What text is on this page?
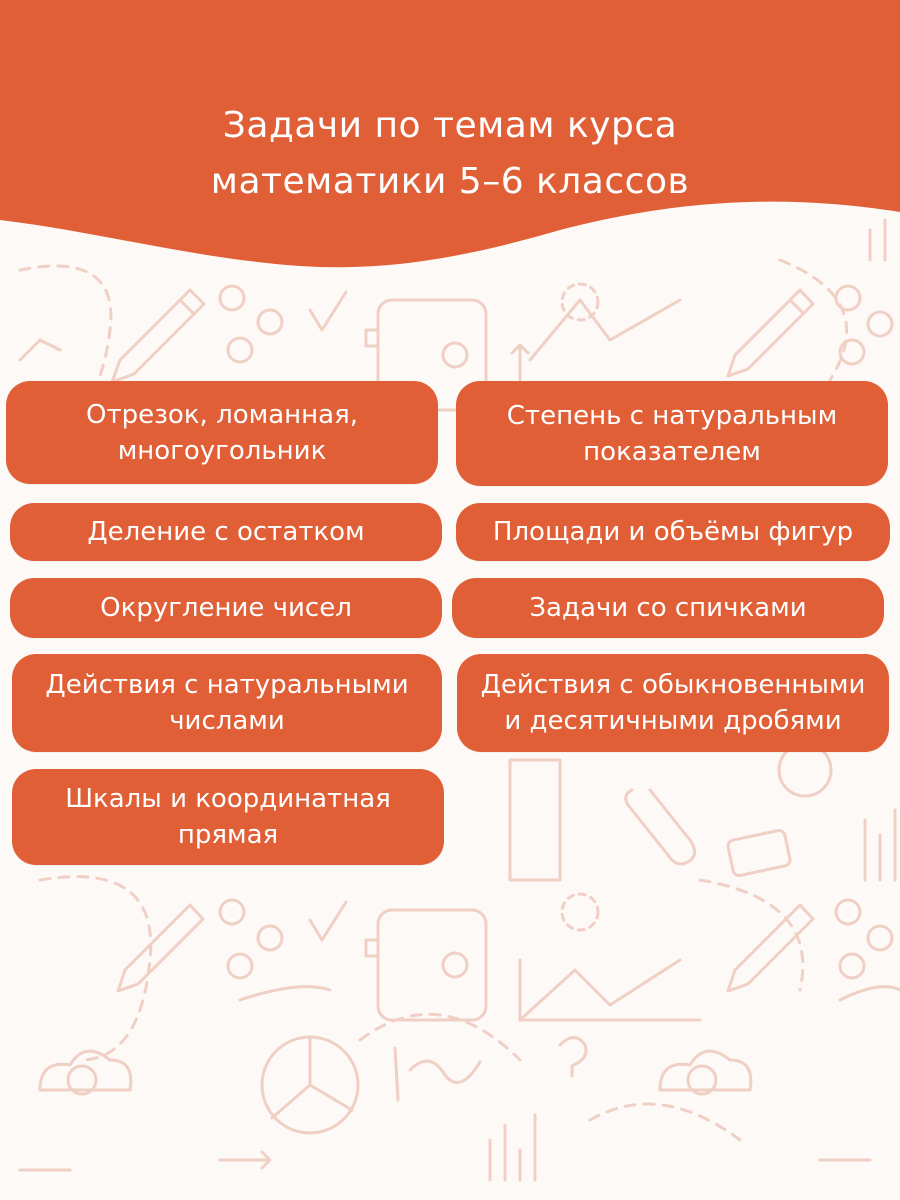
Задачи по темам курса
математики 5–6 классов
Отрезок, ломанная,
многоугольник
Степень с натуральным
показателем
Деление с остатком	Площади и объёмы фигур
Округление чисел	Задачи со спичками
Действия с натуральными
числами
Действия с обыкновенными
и десятичными дробями
Шкалы и координатная
прямая
